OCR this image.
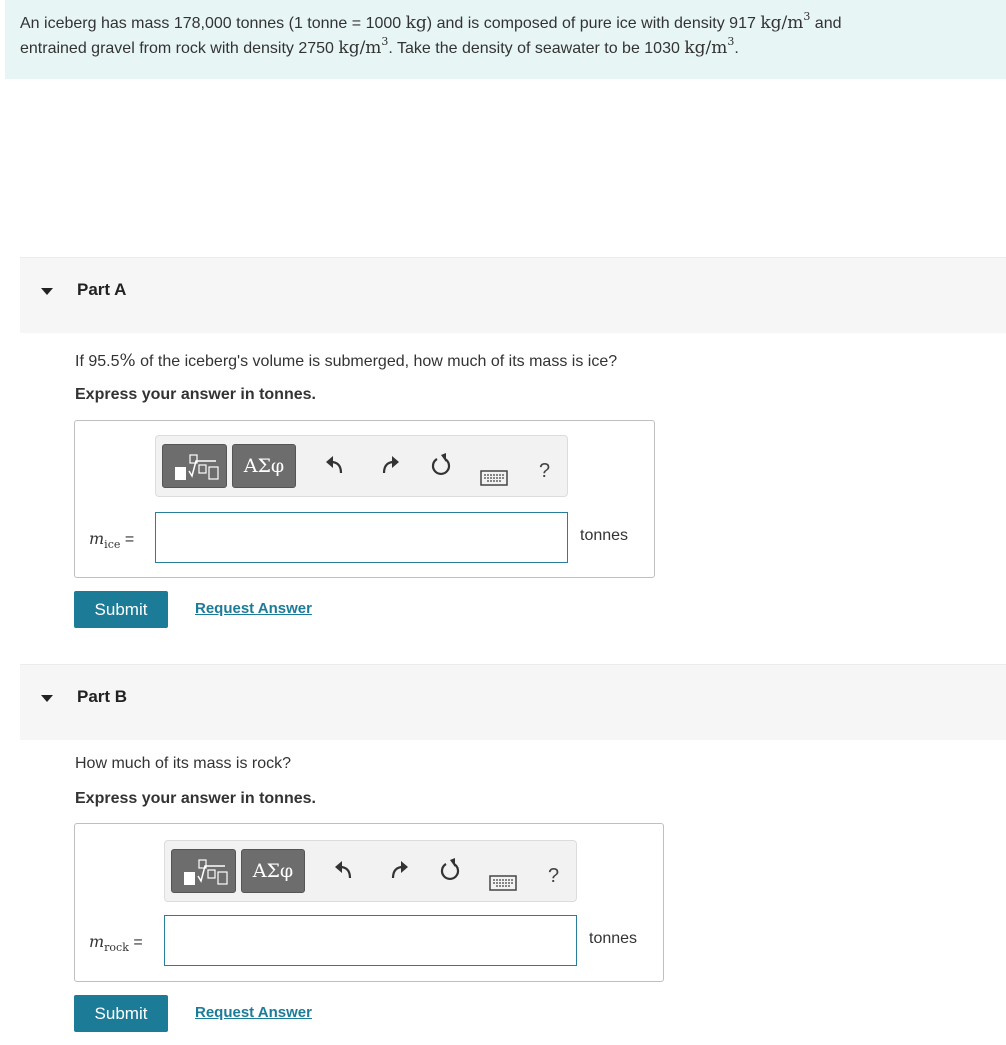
An iceberg has mass 178,000 tonnes (1 tonne = 1000 kg) and is composed of pure ice with density 917 $kg/m^3$ and
entrained gravel from rock with density 2750 $kg/m^3$. Take the density of seawater to be 1030 $kg/m^3$.
Part A
If 95.5% of the iceberg's volume is submerged, how much of its mass is ice?
Express your answer in tonnes.
ΑΣφ	?
$m_{ice}$ =	tonnes
Submit	Request Answer
Part B
How much of its mass is rock?
Express your answer in tonnes.
ΑΣφ	?
$m_{rock}$ =	tonnes
Submit	Request Answer
